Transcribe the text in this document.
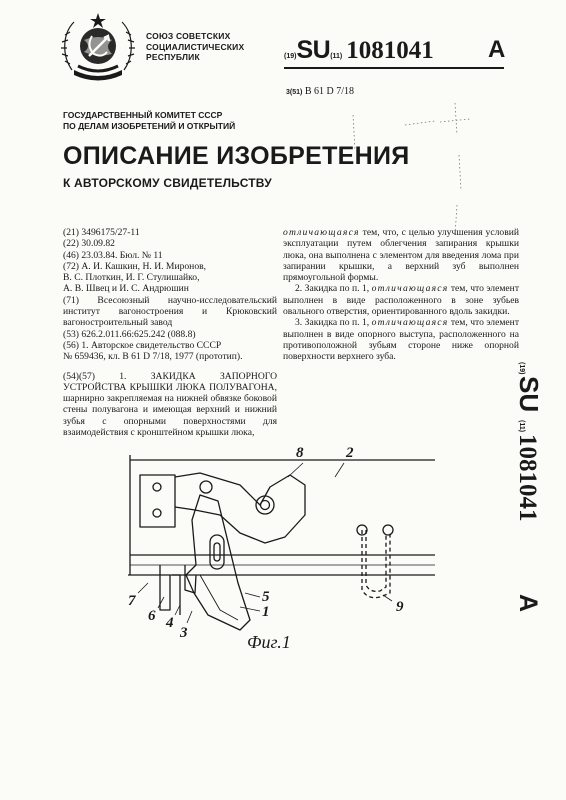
СОЮЗ СОВЕТСКИХ
СОЦИАЛИСТИЧЕСКИХ
РЕСПУБЛИК	(19)SU(11) 1081041 A
3(51) B 61 D 7/18
ГОСУДАРСТВЕННЫЙ КОМИТЕТ СССР
ПО ДЕЛАМ ИЗОБРЕТЕНИЙ И ОТКРЫТИЙ
ОПИСАНИЕ ИЗОБРЕТЕНИЯ
К АВТОРСКОМУ СВИДЕТЕЛЬСТВУ
(21) 3496175/27-11
(22) 30.09.82
(46) 23.03.84. Бюл. № 11
(72) А. И. Кашкин, Н. И. Миронов,
В. С. Плоткин, И. Г. Стулишайко,
А. В. Швец и И. С. Андрюшин
(71) Всесоюзный научно-исследовательский институт вагоностроения и Крюковский вагоностроительный завод
(53) 626.2.011.66:625.242 (088.8)
(56) 1. Авторское свидетельство СССР
№ 659436, кл. В 61 D 7/18, 1977 (прототип).
(54)(57) 1. ЗАКИДКА ЗАПОРНОГО УСТРОЙСТВА КРЫШКИ ЛЮКА ПОЛУВАГОНА, шарнирно закрепляемая на нижней обвязке боковой стены полувагона и имеющая верхний и нижний зубья с опорными поверхностями для взаимодействия с кронштейном крышки люка,

отличающаяся тем, что, с целью улучшения условий эксплуатации путем облегчения запирания крышки люка, она выполнена с элементом для введения лома при запирании крышки, а верхний зуб выполнен прямоугольной формы.

2. Закидка по п. 1, отличающаяся тем, что элемент выполнен в виде расположенного в зоне зубьев овального отверстия, ориентированного вдоль закидки.

3. Закидка по п. 1, отличающаяся тем, что элемент выполнен в виде опорного выступа, расположенного на противоположной зубьям стороне ниже опорной поверхности верхнего зуба.

(19)
SU
(11)
1081041
A
8	2
7
6 4
3
5
1	9
Фиг.1
